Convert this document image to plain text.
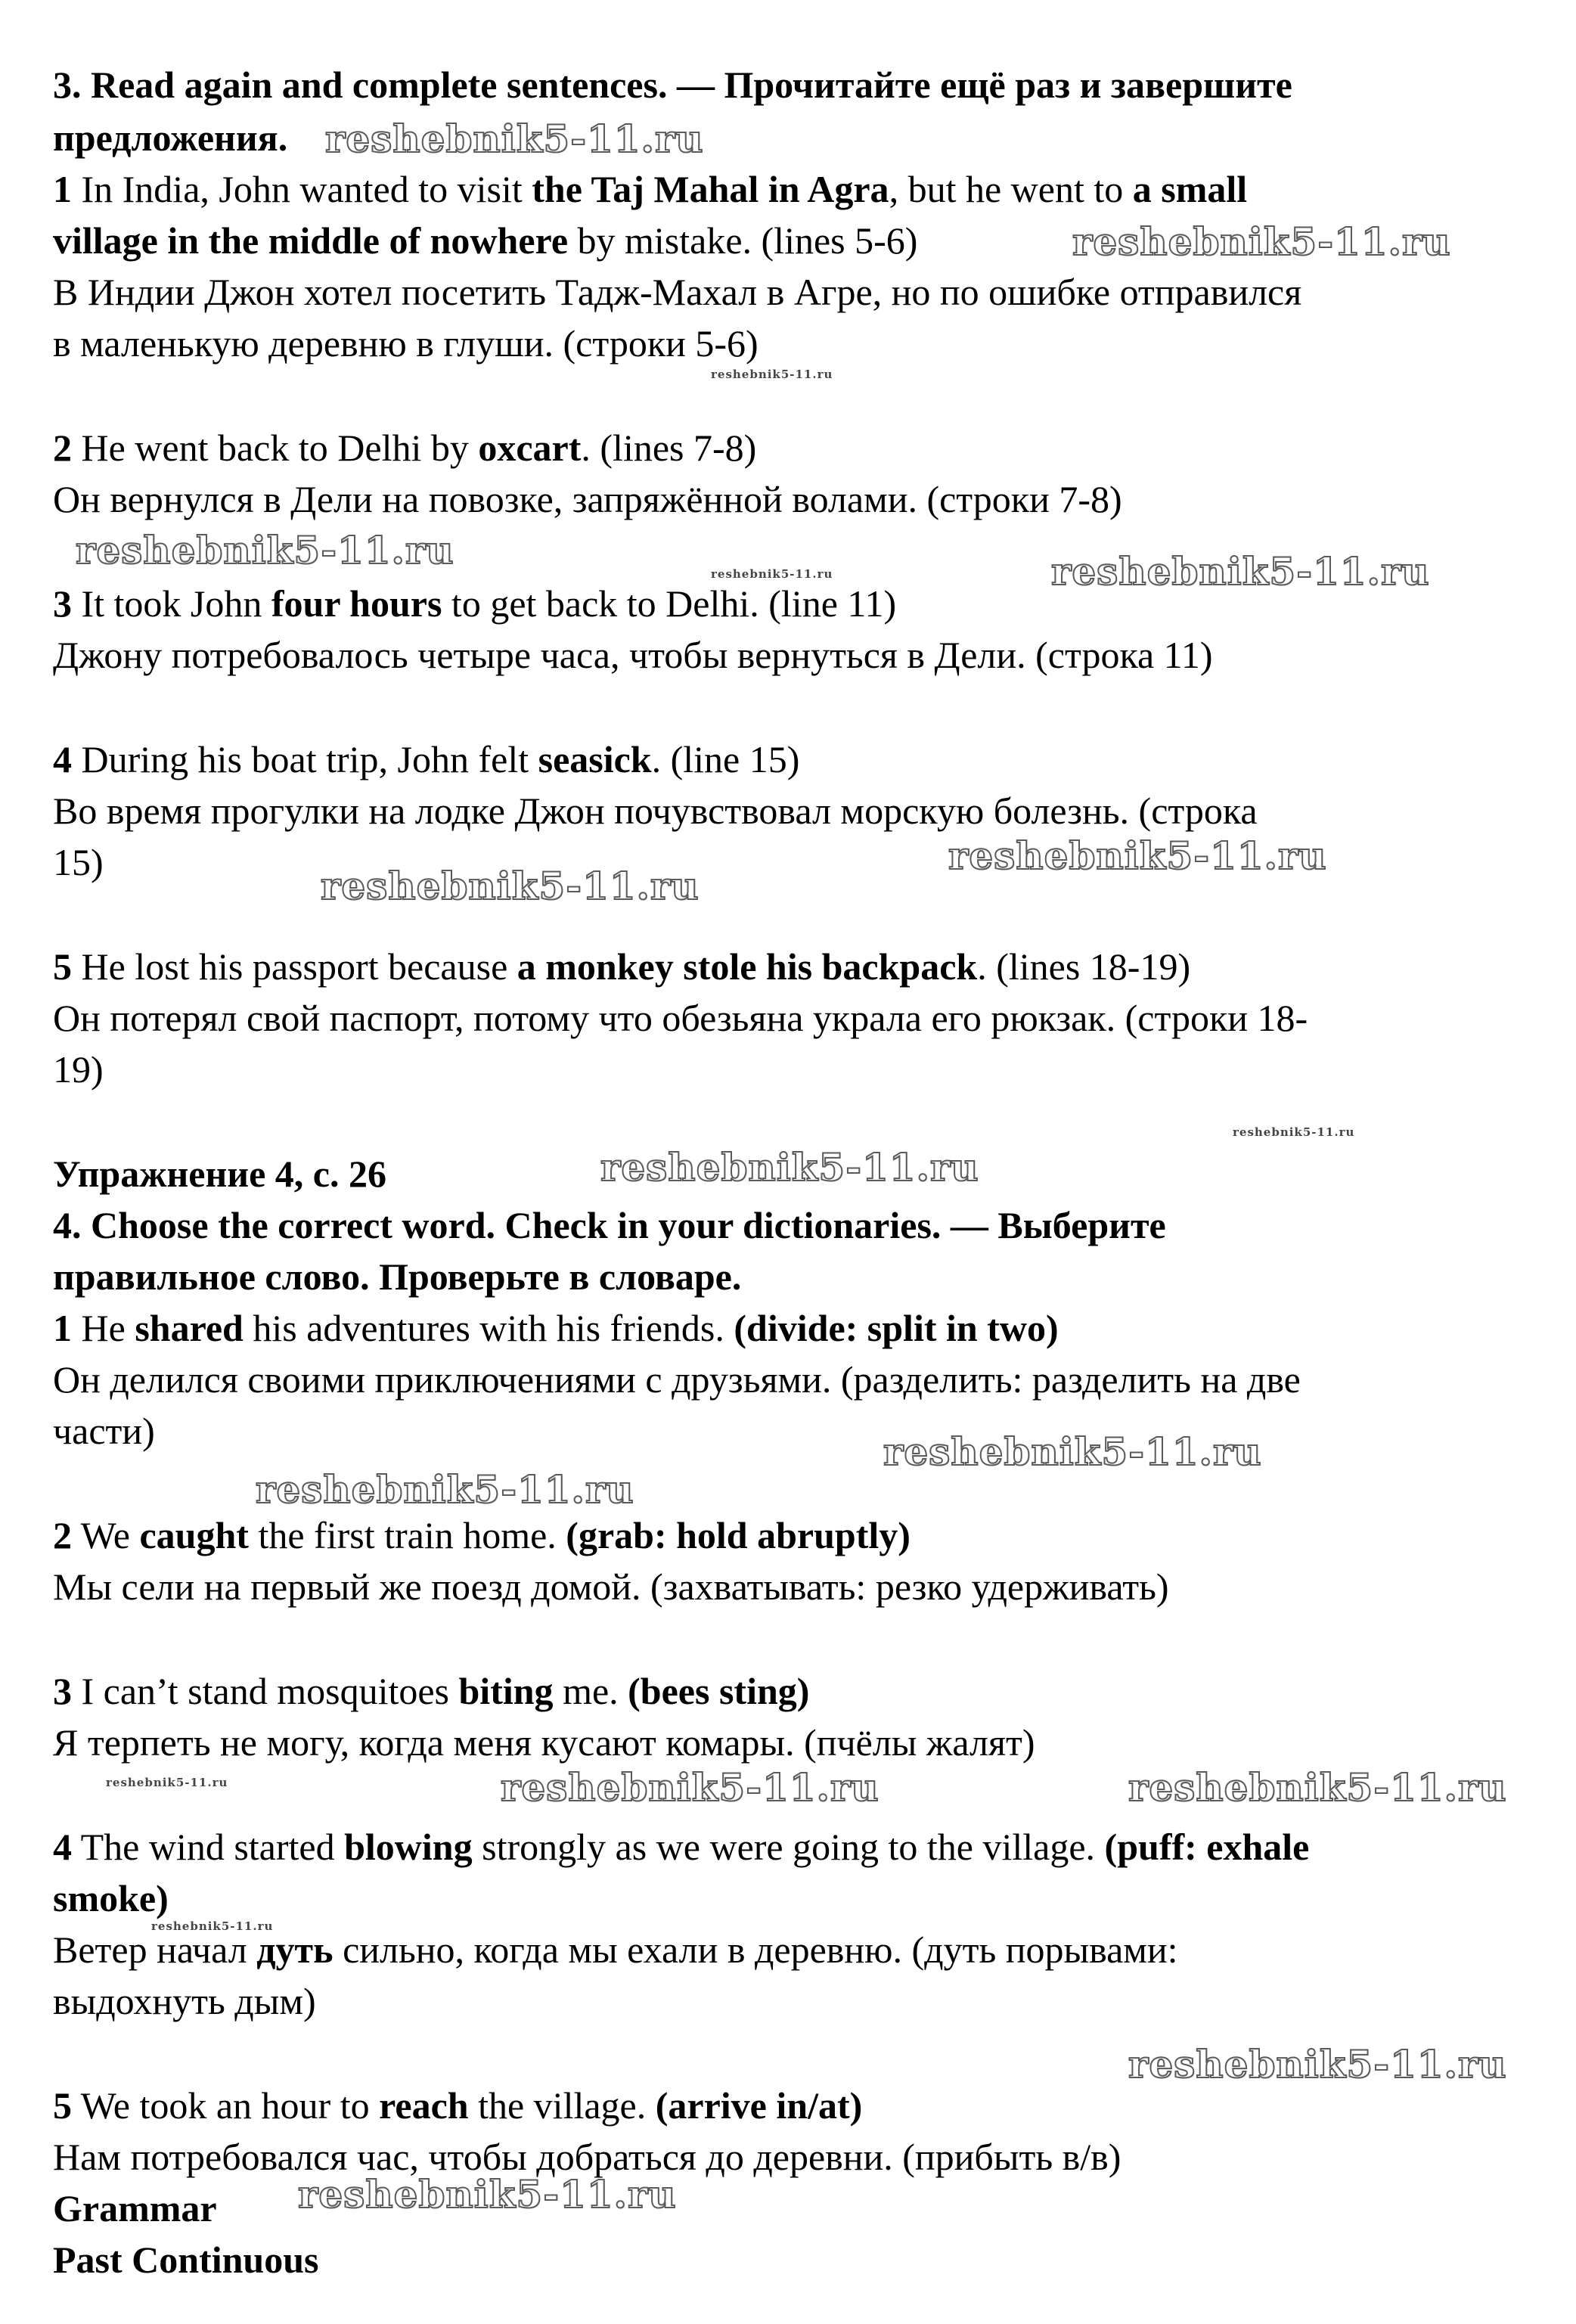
3. Read again and complete sentences. — Прочитайте ещё раз и завершите
предложения.
1 In India, John wanted to visit the Taj Mahal in Agra, but he went to a small
village in the middle of nowhere by mistake. (lines 5-6)
В Индии Джон хотел посетить Тадж-Махал в Агре, но по ошибке отправился
в маленькую деревню в глуши. (строки 5-6)
2 He went back to Delhi by oxcart. (lines 7-8)
Он вернулся в Дели на повозке, запряжённой волами. (строки 7-8)
3 It took John four hours to get back to Delhi. (line 11)
Джону потребовалось четыре часа, чтобы вернуться в Дели. (строка 11)
4 During his boat trip, John felt seasick. (line 15)
Во время прогулки на лодке Джон почувствовал морскую болезнь. (строка
15)
5 He lost his passport because a monkey stole his backpack. (lines 18-19)
Он потерял свой паспорт, потому что обезьяна украла его рюкзак. (строки 18-
19)
Упражнение 4, с. 26
4. Choose the correct word. Check in your dictionaries. — Выберите
правильное слово. Проверьте в словаре.
1 He shared his adventures with his friends. (divide: split in two)
Он делился своими приключениями с друзьями. (разделить: разделить на две
части)
2 We caught the first train home. (grab: hold abruptly)
Мы сели на первый же поезд домой. (захватывать: резко удерживать)
3 I can’t stand mosquitoes biting me. (bees sting)
Я терпеть не могу, когда меня кусают комары. (пчёлы жалят)
4 The wind started blowing strongly as we were going to the village. (puff: exhale
smoke)
Ветер начал дуть сильно, когда мы ехали в деревню. (дуть порывами:
выдохнуть дым)
5 We took an hour to reach the village. (arrive in/at)
Нам потребовался час, чтобы добраться до деревни. (прибыть в/в)
Grammar
Past Continuous
reshebnik5-11.ru
reshebnik5-11.ru
reshebnik5-11.ru	reshebnik5-11.ru
reshebnik5-11.ru
reshebnik5-11.ru
reshebnik5-11.ru
reshebnik5-11.ru
reshebnik5-11.ru
reshebnik5-11.ru	reshebnik5-11.ru
reshebnik5-11.ru
reshebnik5-11.ru
reshebnik5-11.ru
reshebnik5-11.ru
reshebnik5-11.ru
reshebnik5-11.ru
reshebnik5-11.ru
